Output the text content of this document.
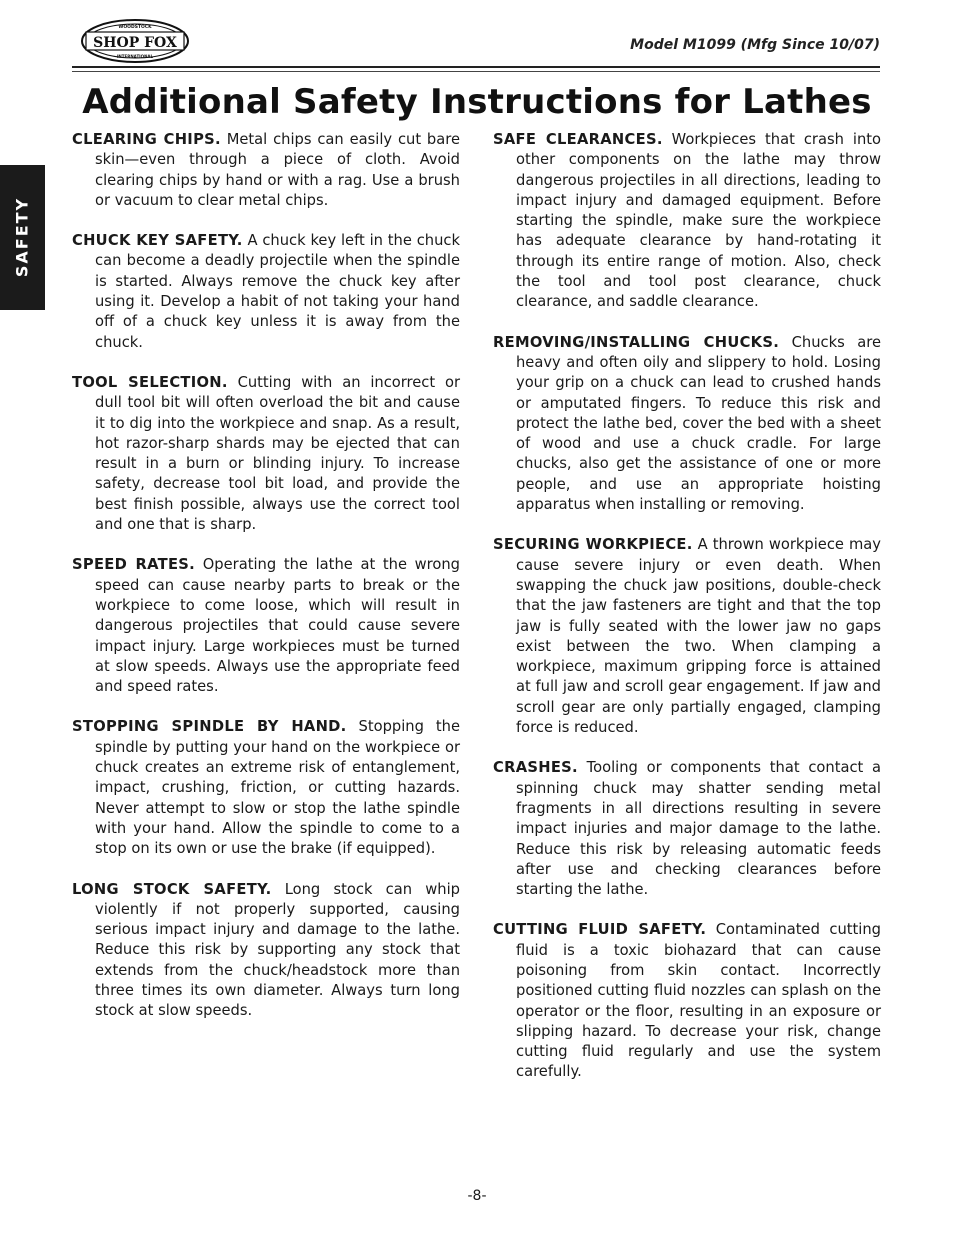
WOODSTOCK
SHOP FOX
INTERNATIONAL
Model M1099 (Mfg Since 10/07)
Additional Safety Instructions for Lathes
SAFETY

CLEARING CHIPS. Metal chips can easily cut bare skin—even through a piece of cloth. Avoid clearing chips by hand or with a rag. Use a brush or vacuum to clear metal chips.

CHUCK KEY SAFETY. A chuck key left in the chuck can become a deadly projectile when the spindle is started. Always remove the chuck key after using it. Develop a habit of not taking your hand off of a chuck key unless it is away from the chuck.

TOOL SELECTION. Cutting with an incorrect or dull tool bit will often overload the bit and cause it to dig into the workpiece and snap. As a result, hot razor-sharp shards may be ejected that can result in a burn or blinding injury. To increase safety, decrease tool bit load, and provide the best finish possible, always use the correct tool and one that is sharp.

SPEED RATES. Operating the lathe at the wrong speed can cause nearby parts to break or the workpiece to come loose, which will result in dangerous projectiles that could cause severe impact injury. Large workpieces must be turned at slow speeds. Always use the appropriate feed and speed rates.

STOPPING SPINDLE BY HAND. Stopping the spindle by putting your hand on the workpiece or chuck creates an extreme risk of entanglement, impact, crushing, friction, or cutting hazards. Never attempt to slow or stop the lathe spindle with your hand. Allow the spindle to come to a stop on its own or use the brake (if equipped).

LONG STOCK SAFETY. Long stock can whip violently if not properly supported, causing serious impact injury and damage to the lathe. Reduce this risk by supporting any stock that extends from the chuck/headstock more than three times its own diameter. Always turn long stock at slow speeds.

SAFE CLEARANCES. Workpieces that crash into other components on the lathe may throw dangerous projectiles in all directions, leading to impact injury and damaged equipment. Before starting the spindle, make sure the workpiece has adequate clearance by hand-rotating it through its entire range of motion. Also, check the tool and tool post clearance, chuck clearance, and saddle clearance.

REMOVING/INSTALLING CHUCKS. Chucks are heavy and often oily and slippery to hold. Losing your grip on a chuck can lead to crushed hands or amputated fingers. To reduce this risk and protect the lathe bed, cover the bed with a sheet of wood and use a chuck cradle. For large chucks, also get the assistance of one or more people, and use an appropriate hoisting apparatus when installing or removing.

SECURING WORKPIECE. A thrown workpiece may cause severe injury or even death. When swapping the chuck jaw positions, double-check that the jaw fasteners are tight and that the top jaw is fully seated with the lower jaw no gaps exist between the two. When clamping a workpiece, maximum gripping force is attained at full jaw and scroll gear engagement. If jaw and scroll gear are only partially engaged, clamping force is reduced.

CRASHES. Tooling or components that contact a spinning chuck may shatter sending metal fragments in all directions resulting in severe impact injuries and major damage to the lathe. Reduce this risk by releasing automatic feeds after use and checking clearances before starting the lathe.

CUTTING FLUID SAFETY. Contaminated cutting fluid is a toxic biohazard that can cause poisoning from skin contact. Incorrectly positioned cutting fluid nozzles can splash on the operator or the floor, resulting in an exposure or slipping hazard. To decrease your risk, change cutting fluid regularly and use the system carefully.

-8-
